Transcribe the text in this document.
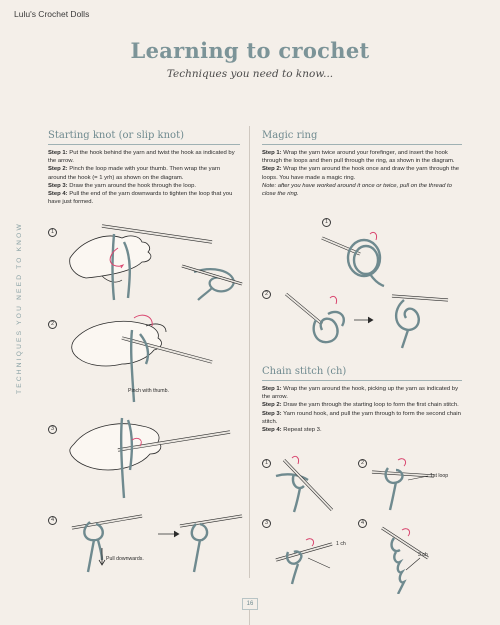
Lulu's Crochet Dolls
Learning to crochet
Techniques you need to know...
TECHNIQUES YOU NEED TO KNOW
Starting knot (or slip knot)

Step 1: Put the hook behind the yarn and twist the hook as indicated by the arrow.

Step 2: Pinch the loop made with your thumb. Then wrap the yarn around the hook (= 1 yrh) as shown on the diagram.

Step 3: Draw the yarn around the hook through the loop.

Step 4: Pull the end of the yarn downwards to tighten the loop that you have just formed.

1
2
3
4
Pinch with thumb.
Pull downwards.
Magic ring

Step 1: Wrap the yarn twice around your forefinger, and insert the hook through the loops and then pull through the ring, as shown in the diagram.

Step 2: Wrap the yarn around the hook once and draw the yarn through the loops. You have made a magic ring.

Note: after you have worked around it once or twice, pull on the thread to close the ring.

1
2
Chain stitch (ch)

Step 1: Wrap the yarn around the hook, picking up the yarn as indicated by the arrow.

Step 2: Draw the yarn through the starting loop to form the first chain stitch.

Step 3: Yarn round hook, and pull the yarn through to form the second chain stitch.

Step 4: Repeat step 3.

1	2
3	4
1st loop
1 ch
3 ch
16
